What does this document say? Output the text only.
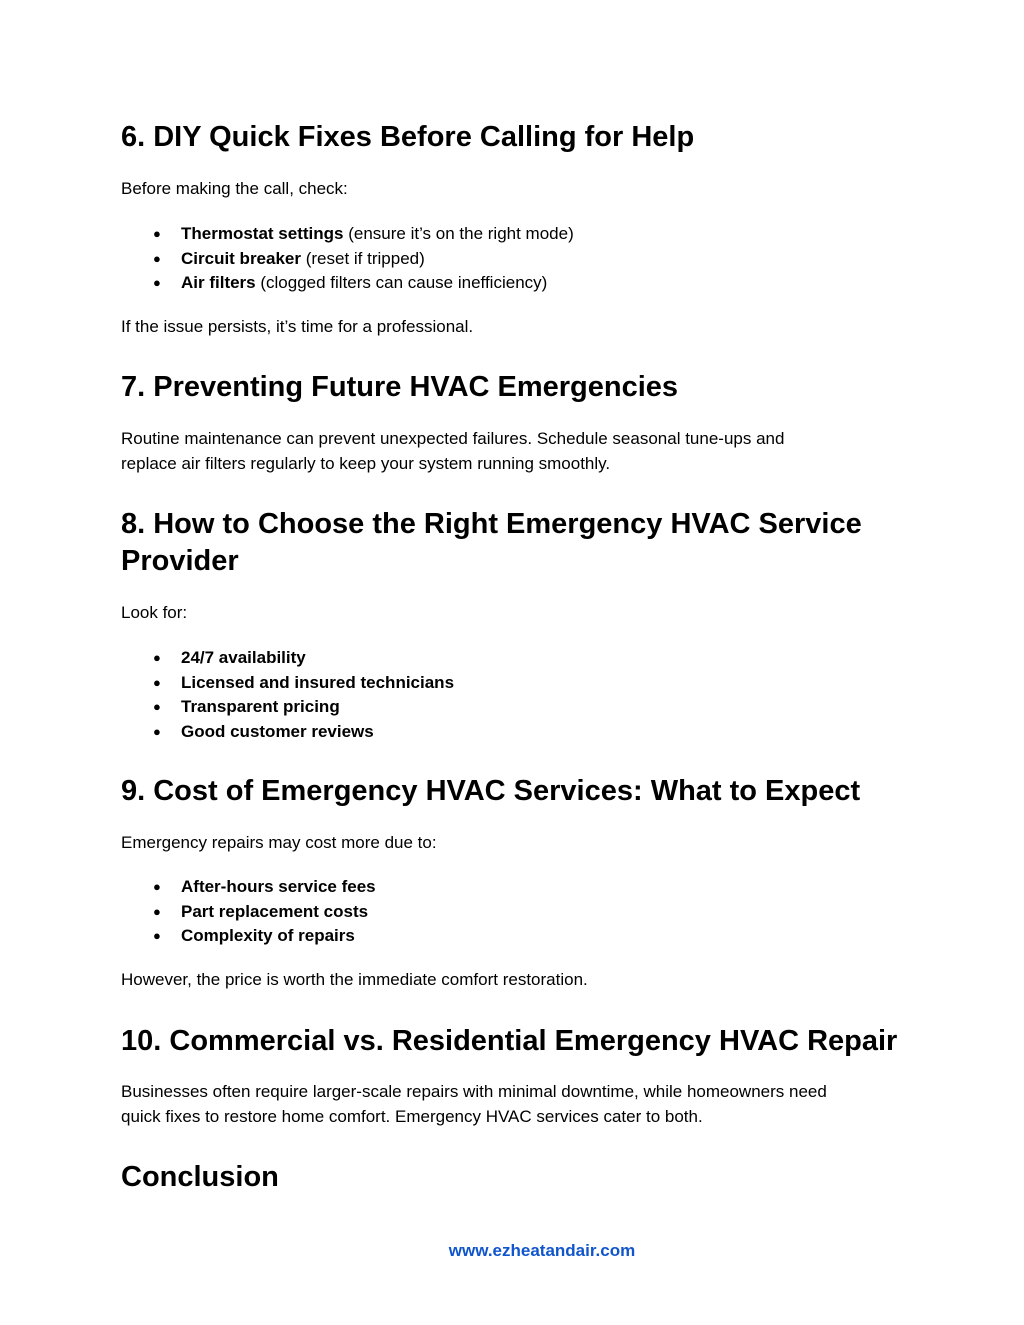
6. DIY Quick Fixes Before Calling for Help

Before making the call, check:

● Thermostat settings (ensure it’s on the right mode)
● Circuit breaker (reset if tripped)
● Air filters (clogged filters can cause inefficiency)

If the issue persists, it’s time for a professional.

7. Preventing Future HVAC Emergencies

Routine maintenance can prevent unexpected failures. Schedule seasonal tune-ups and
replace air filters regularly to keep your system running smoothly.

8. How to Choose the Right Emergency HVAC Service
Provider

Look for:

● 24/7 availability
● Licensed and insured technicians
● Transparent pricing
● Good customer reviews
9. Cost of Emergency HVAC Services: What to Expect

Emergency repairs may cost more due to:

● After-hours service fees
● Part replacement costs
● Complexity of repairs

However, the price is worth the immediate comfort restoration.

10. Commercial vs. Residential Emergency HVAC Repair

Businesses often require larger-scale repairs with minimal downtime, while homeowners need
quick fixes to restore home comfort. Emergency HVAC services cater to both.

Conclusion
www.ezheatandair.com
